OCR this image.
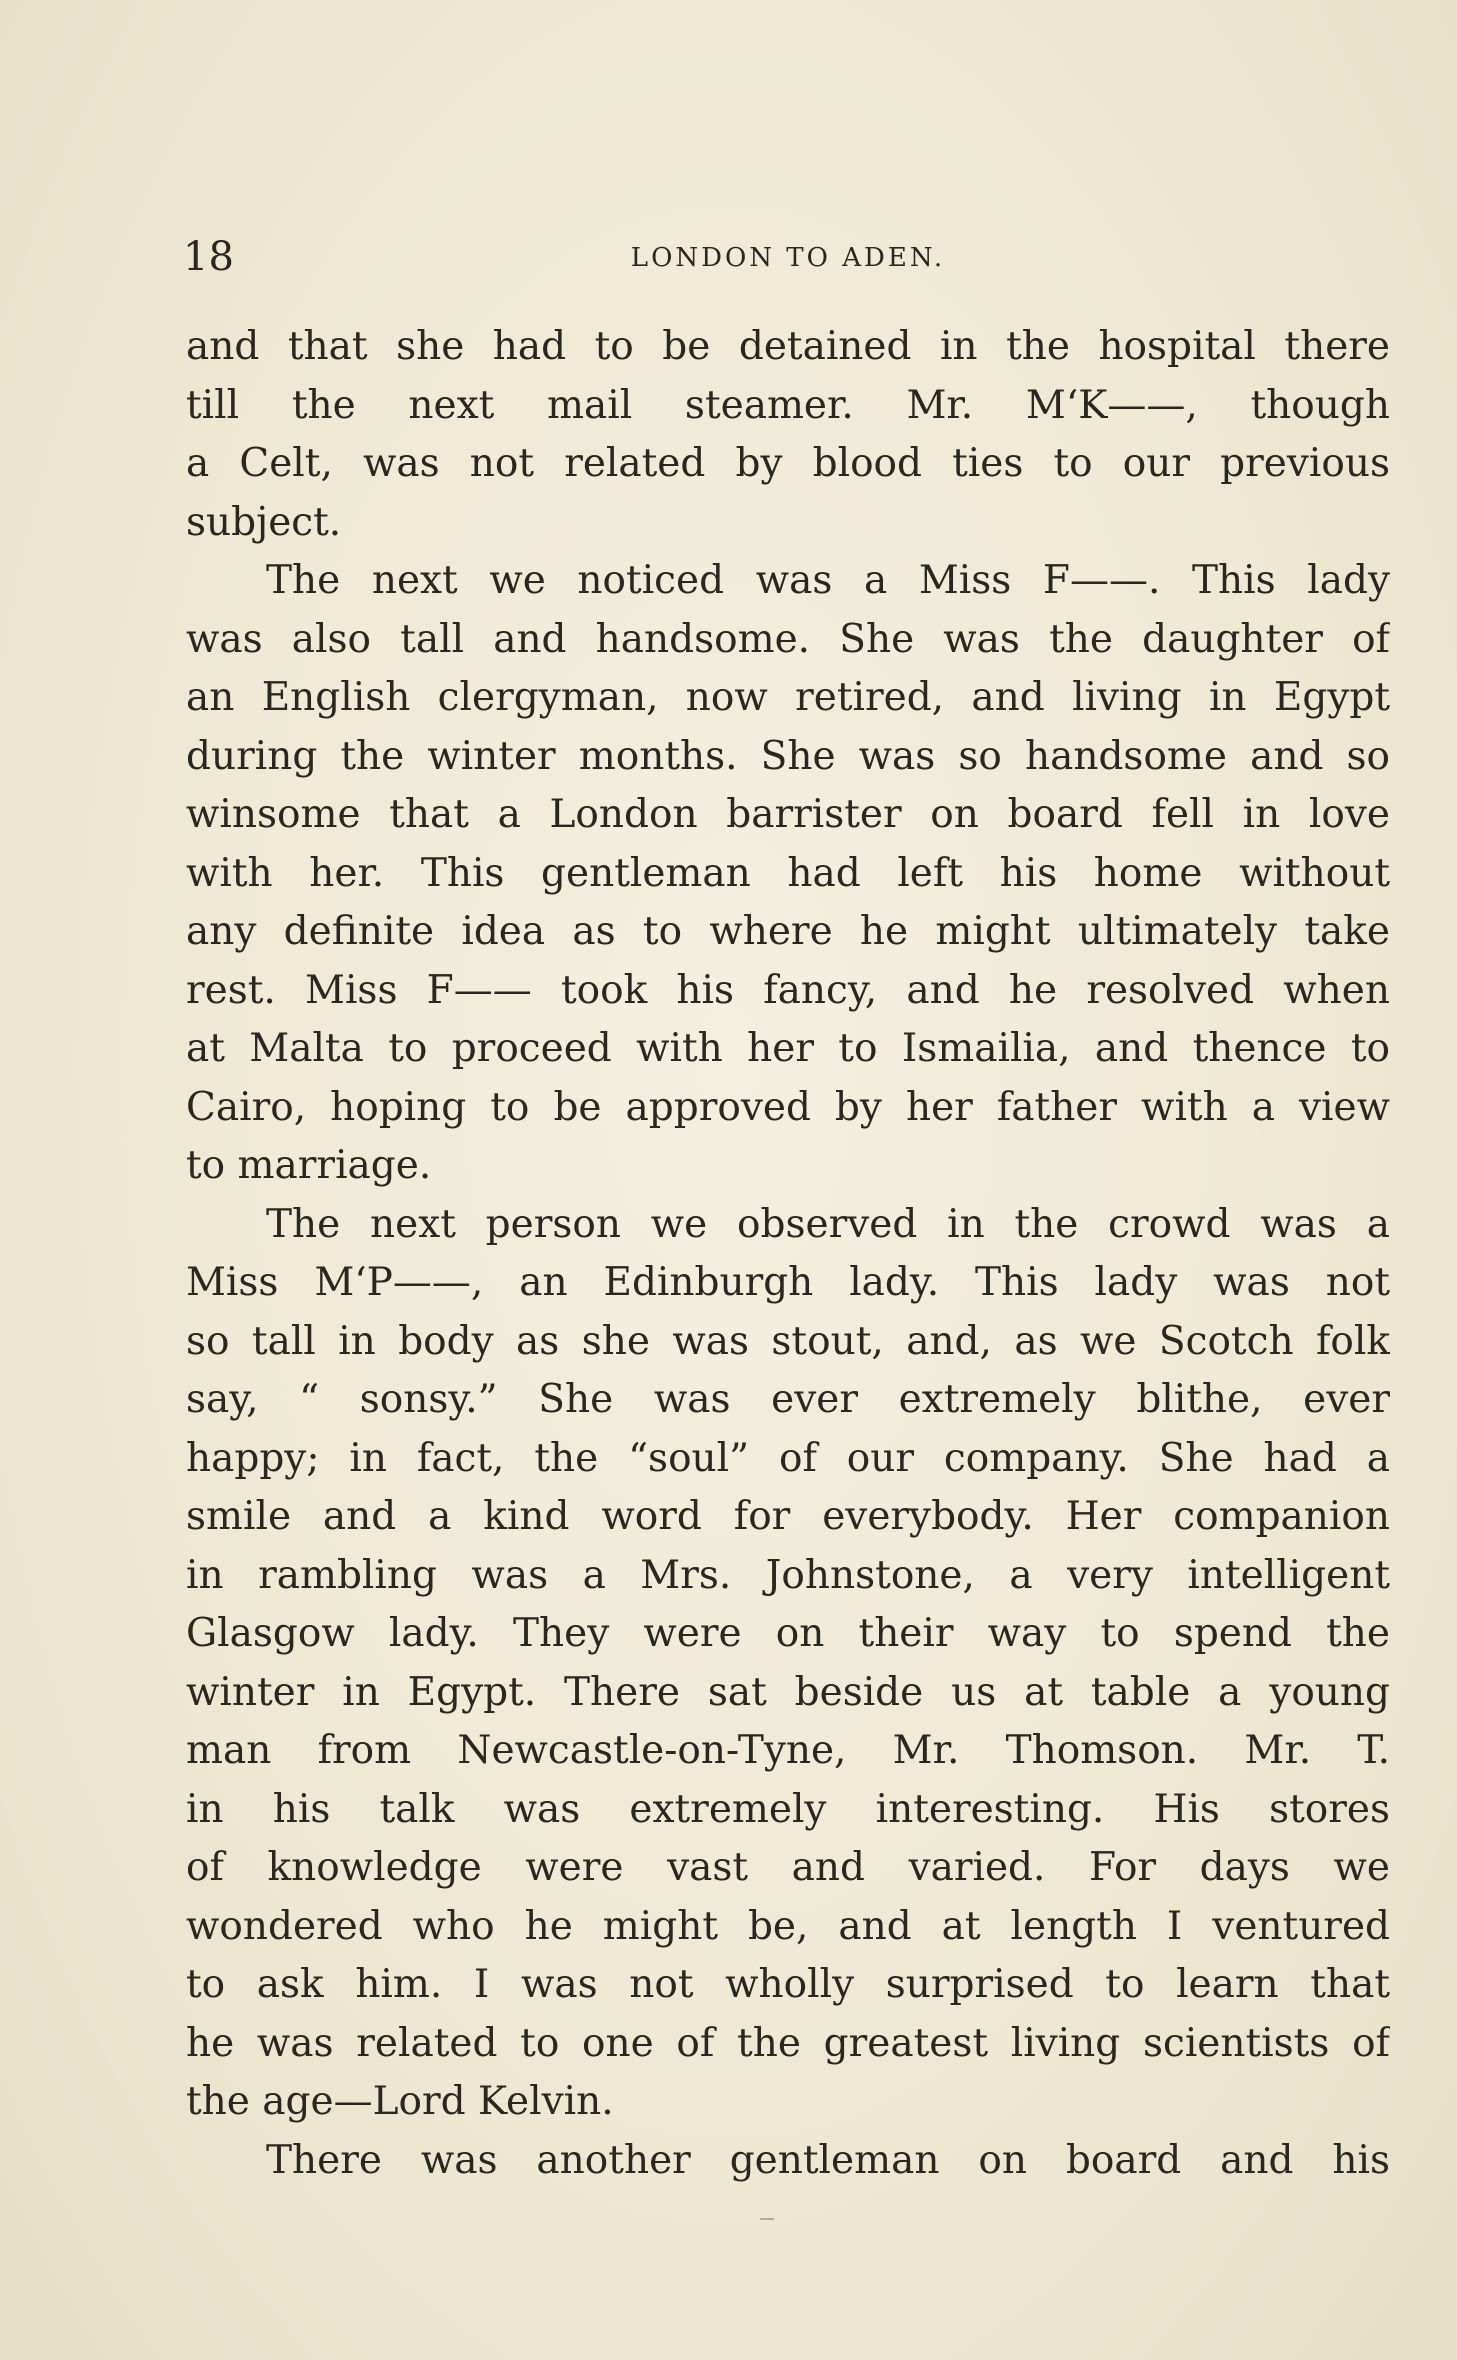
18	LONDON TO ADEN.
and that she had to be detained in the hospital there
till the next mail steamer. Mr. M‘K——, though
a Celt, was not related by blood ties to our previous
subject.
The next we noticed was a Miss F——. This lady
was also tall and handsome. She was the daughter of
an English clergyman, now retired, and living in Egypt
during the winter months. She was so handsome and so
winsome that a London barrister on board fell in love
with her. This gentleman had left his home without
any definite idea as to where he might ultimately take
rest. Miss F—— took his fancy, and he resolved when
at Malta to proceed with her to Ismailia, and thence to
Cairo, hoping to be approved by her father with a view
to marriage.
The next person we observed in the crowd was a
Miss M‘P——, an Edinburgh lady. This lady was not
so tall in body as she was stout, and, as we Scotch folk
say, “ sonsy.” She was ever extremely blithe, ever
happy; in fact, the “soul” of our company. She had a
smile and a kind word for everybody. Her companion
in rambling was a Mrs. Johnstone, a very intelligent
Glasgow lady. They were on their way to spend the
winter in Egypt. There sat beside us at table a young
man from Newcastle-on-Tyne, Mr. Thomson. Mr. T.
in his talk was extremely interesting. His stores
of knowledge were vast and varied. For days we
wondered who he might be, and at length I ventured
to ask him. I was not wholly surprised to learn that
he was related to one of the greatest living scientists of
the age—Lord Kelvin.
There was another gentleman on board and his
